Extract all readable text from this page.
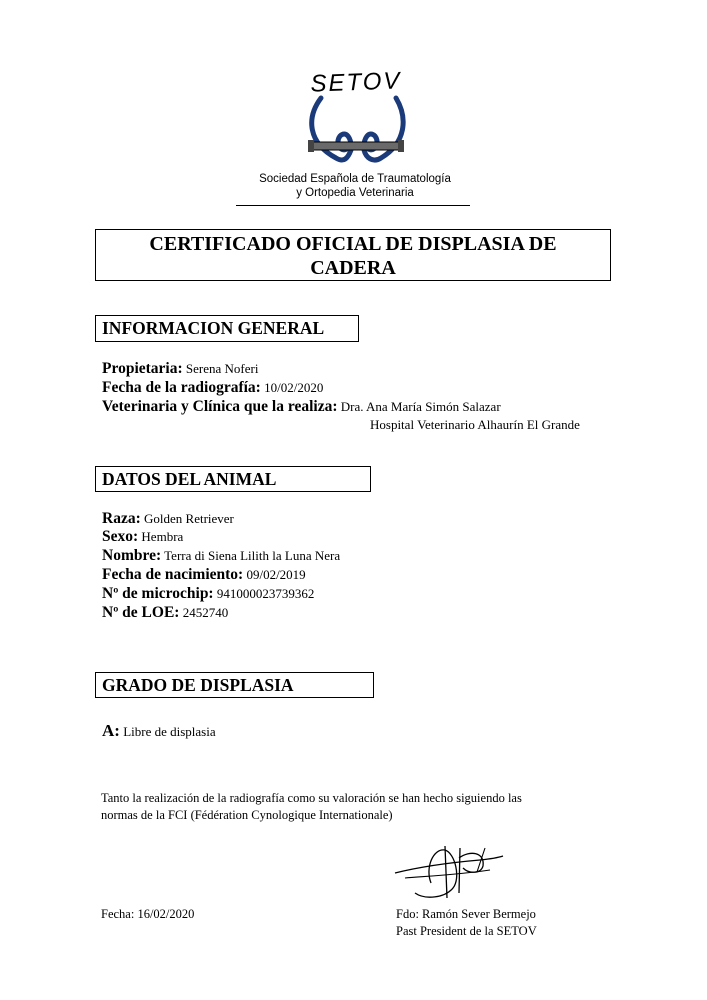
SETOV
Sociedad Española de Traumatología
y Ortopedia Veterinaria
CERTIFICADO OFICIAL DE DISPLASIA DE
CADERA
INFORMACION GENERAL
Propietaria: Serena Noferi
Fecha de la radiografía: 10/02/2020
Veterinaria y Clínica que la realiza: Dra. Ana María Simón Salazar
Hospital Veterinario Alhaurín El Grande
DATOS DEL ANIMAL
Raza: Golden Retriever
Sexo: Hembra
Nombre: Terra di Siena Lilith la Luna Nera
Fecha de nacimiento: 09/02/2019
Nº de microchip: 941000023739362
Nº de LOE: 2452740
GRADO DE DISPLASIA
A: Libre de displasia
Tanto la realización de la radiografía como su valoración se han hecho siguiendo las
normas de la FCI (Fédération Cynologique Internationale)
Fecha: 16/02/2020	Fdo: Ramón Sever Bermejo
Past President de la SETOV
